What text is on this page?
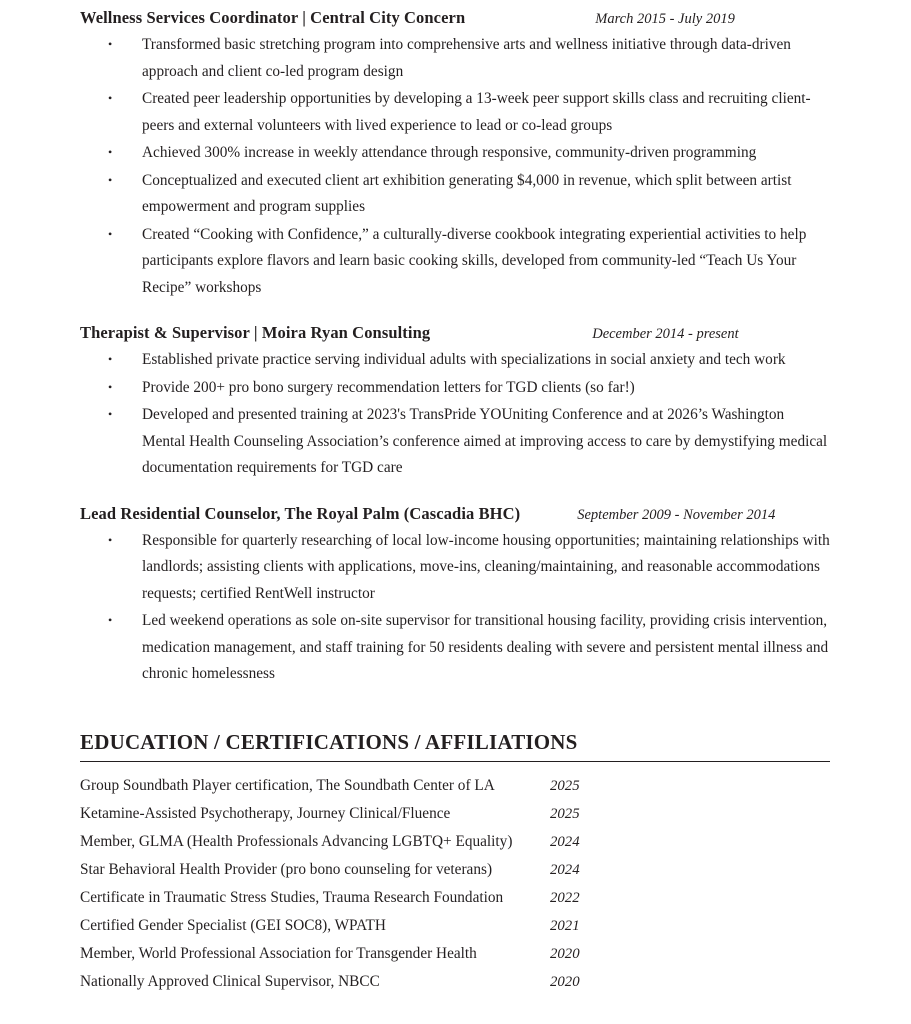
Wellness Services Coordinator | Central City Concern	March 2015 - July 2019
• Transformed basic stretching program into comprehensive arts and wellness initiative through data-driven approach and client co-led program design
• Created peer leadership opportunities by developing a 13-week peer support skills class and recruiting client-peers and external volunteers with lived experience to lead or co-lead groups
• Achieved 300% increase in weekly attendance through responsive, community-driven programming
• Conceptualized and executed client art exhibition generating $4,000 in revenue, which split between artist empowerment and program supplies
• Created “Cooking with Confidence,” a culturally-diverse cookbook integrating experiential activities to help participants explore flavors and learn basic cooking skills, developed from community-led “Teach Us Your Recipe” workshops
Therapist & Supervisor | Moira Ryan Consulting	December 2014 - present
• Established private practice serving individual adults with specializations in social anxiety and tech work
• Provide 200+ pro bono surgery recommendation letters for TGD clients (so far!)
• Developed and presented training at 2023's TransPride YOUniting Conference and at 2026’s Washington Mental Health Counseling Association’s conference aimed at improving access to care by demystifying medical documentation requirements for TGD care
Lead Residential Counselor, The Royal Palm (Cascadia BHC)	September 2009 - November 2014
• Responsible for quarterly researching of local low-income housing opportunities; maintaining relationships with landlords; assisting clients with applications, move-ins, cleaning/maintaining, and reasonable accommodations requests; certified RentWell instructor
• Led weekend operations as sole on-site supervisor for transitional housing facility, providing crisis intervention, medication management, and staff training for 50 residents dealing with severe and persistent mental illness and chronic homelessness
EDUCATION / CERTIFICATIONS / AFFILIATIONS
Group Soundbath Player certification, The Soundbath Center of LA	2025
Ketamine-Assisted Psychotherapy, Journey Clinical/Fluence	2025
Member, GLMA (Health Professionals Advancing LGBTQ+ Equality)	2024
Star Behavioral Health Provider (pro bono counseling for veterans)	2024
Certificate in Traumatic Stress Studies, Trauma Research Foundation	2022
Certified Gender Specialist (GEI SOC8), WPATH	2021
Member, World Professional Association for Transgender Health	2020
Nationally Approved Clinical Supervisor, NBCC	2020
